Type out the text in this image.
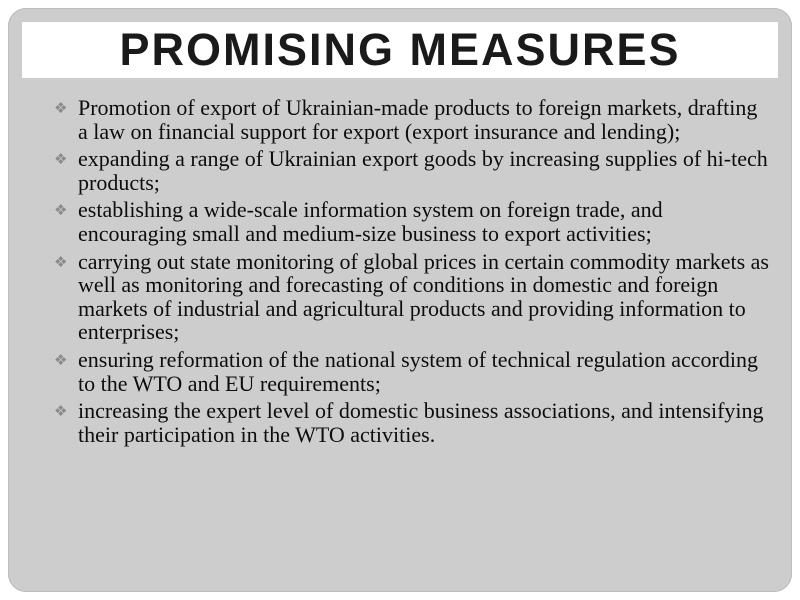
PROMISING MEASURES
❖ Promotion of export of Ukrainian-made products to foreign markets, drafting a law on financial support for export (export insurance and lending);
❖ expanding a range of Ukrainian export goods by increasing supplies of hi-tech products;
❖ establishing a wide-scale information system on foreign trade, and encouraging small and medium-size business to export activities;
❖ carrying out state monitoring of global prices in certain commodity markets as well as monitoring and forecasting of conditions in domestic and foreign markets of industrial and agricultural products and providing information to enterprises;
❖ ensuring reformation of the national system of technical regulation according to the WTO and EU requirements;
❖ increasing the expert level of domestic business associations, and intensifying their participation in the WTO activities.
